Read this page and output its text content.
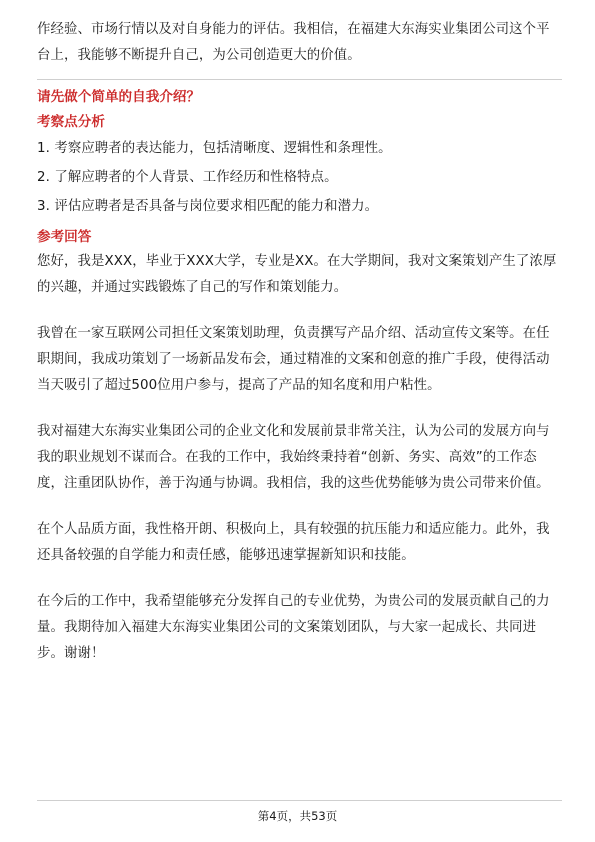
作经验、市场行情以及对自身能力的评估。我相信，在福建大东海实业集团公司这个平台上，我能够不断提升自己，为公司创造更大的价值。

请先做个简单的自我介绍？
考察点分析

1. 考察应聘者的表达能力，包括清晰度、逻辑性和条理性。

2. 了解应聘者的个人背景、工作经历和性格特点。

3. 评估应聘者是否具备与岗位要求相匹配的能力和潜力。

参考回答

您好，我是XXX，毕业于XXX大学，专业是XX。在大学期间，我对文案策划产生了浓厚的兴趣，并通过实践锻炼了自己的写作和策划能力。

我曾在一家互联网公司担任文案策划助理，负责撰写产品介绍、活动宣传文案等。在任职期间，我成功策划了一场新品发布会，通过精准的文案和创意的推广手段，使得活动当天吸引了超过500位用户参与，提高了产品的知名度和用户粘性。

我对福建大东海实业集团公司的企业文化和发展前景非常关注，认为公司的发展方向与我的职业规划不谋而合。在我的工作中，我始终秉持着“创新、务实、高效”的工作态度，注重团队协作，善于沟通与协调。我相信，我的这些优势能够为贵公司带来价值。

在个人品质方面，我性格开朗、积极向上，具有较强的抗压能力和适应能力。此外，我还具备较强的自学能力和责任感，能够迅速掌握新知识和技能。

在今后的工作中，我希望能够充分发挥自己的专业优势，为贵公司的发展贡献自己的力量。我期待加入福建大东海实业集团公司的文案策划团队，与大家一起成长、共同进步。谢谢！

第4页，共53页
